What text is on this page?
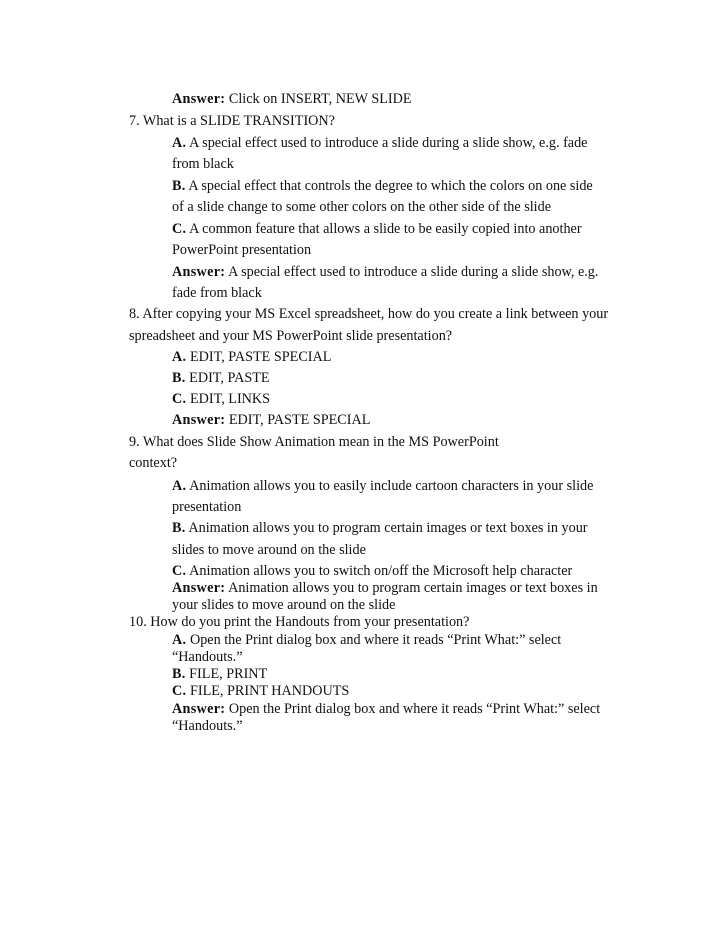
Answer: Click on INSERT, NEW SLIDE

7. What is a SLIDE TRANSITION?

A. A special effect used to introduce a slide during a slide show, e.g. fade

from black

B. A special effect that controls the degree to which the colors on one side

of a slide change to some other colors on the other side of the slide

C. A common feature that allows a slide to be easily copied into another

PowerPoint presentation

Answer: A special effect used to introduce a slide during a slide show, e.g.

fade from black

8. After copying your MS Excel spreadsheet, how do you create a link between your

spreadsheet and your MS PowerPoint slide presentation?

A. EDIT, PASTE SPECIAL

B. EDIT, PASTE

C. EDIT, LINKS

Answer: EDIT, PASTE SPECIAL

9. What does Slide Show Animation mean in the MS PowerPoint

context?

A. Animation allows you to easily include cartoon characters in your slide

presentation

B. Animation allows you to program certain images or text boxes in your

slides to move around on the slide

C. Animation allows you to switch on/off the Microsoft help character

Answer: Animation allows you to program certain images or text boxes in

your slides to move around on the slide

10. How do you print the Handouts from your presentation?

A. Open the Print dialog box and where it reads “Print What:” select

“Handouts.”

B. FILE, PRINT

C. FILE, PRINT HANDOUTS

Answer: Open the Print dialog box and where it reads “Print What:” select

“Handouts.”
